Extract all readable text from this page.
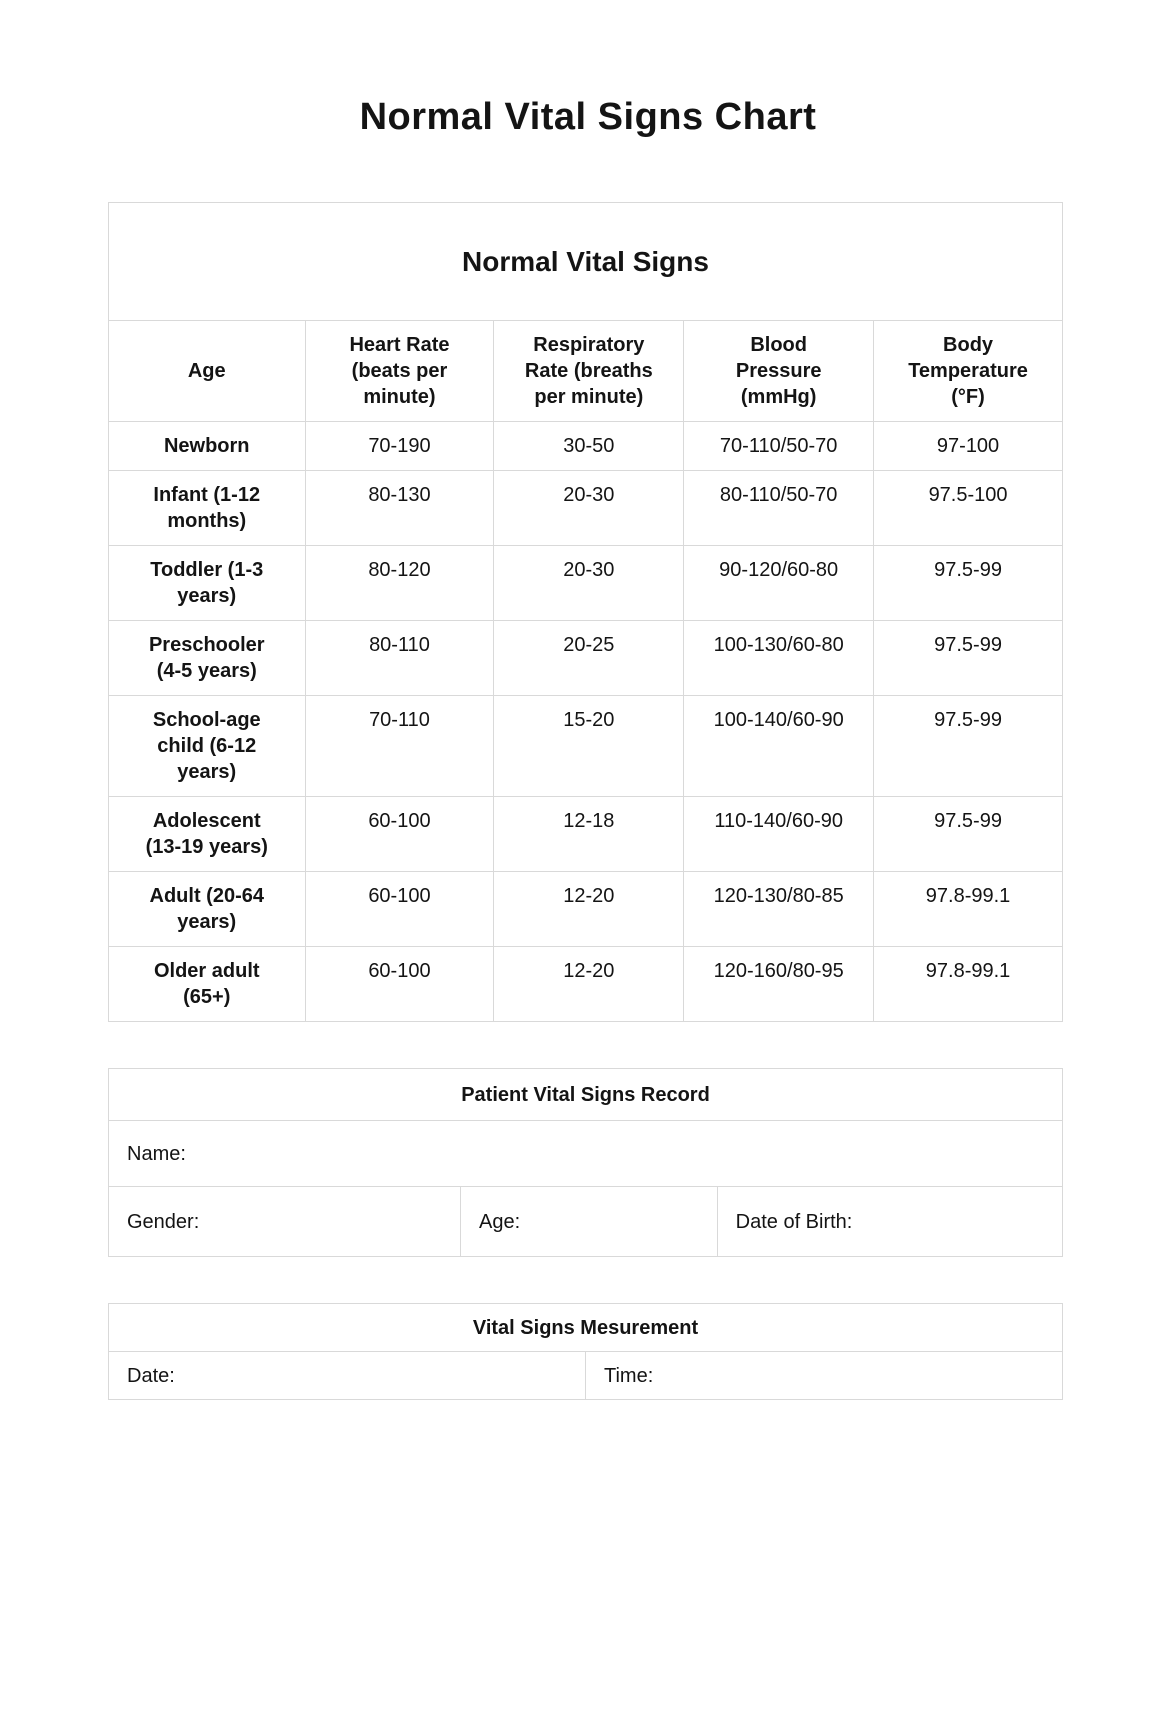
Normal Vital Signs Chart
Normal Vital Signs				
Age	Heart Rate (beats per minute)	Respiratory Rate (breaths per minute)	Blood Pressure (mmHg)	Body Temperature (°F)
Newborn	70-190	30-50	70-110/50-70	97-100
Infant (1-12 months)	80-130	20-30	80-110/50-70	97.5-100
Toddler (1-3 years)	80-120	20-30	90-120/60-80	97.5-99
Preschooler (4-5 years)	80-110	20-25	100-130/60-80	97.5-99
School-age child (6-12 years)	70-110	15-20	100-140/60-90	97.5-99
Adolescent (13-19 years)	60-100	12-18	110-140/60-90	97.5-99
Adult (20-64 years)	60-100	12-20	120-130/80-85	97.8-99.1
Older adult (65+)	60-100	12-20	120-160/80-95	97.8-99.1
Patient Vital Signs Record
Name:
Gender:	Age:	Date of Birth:
Vital Signs Mesurement
Date:	Time:
